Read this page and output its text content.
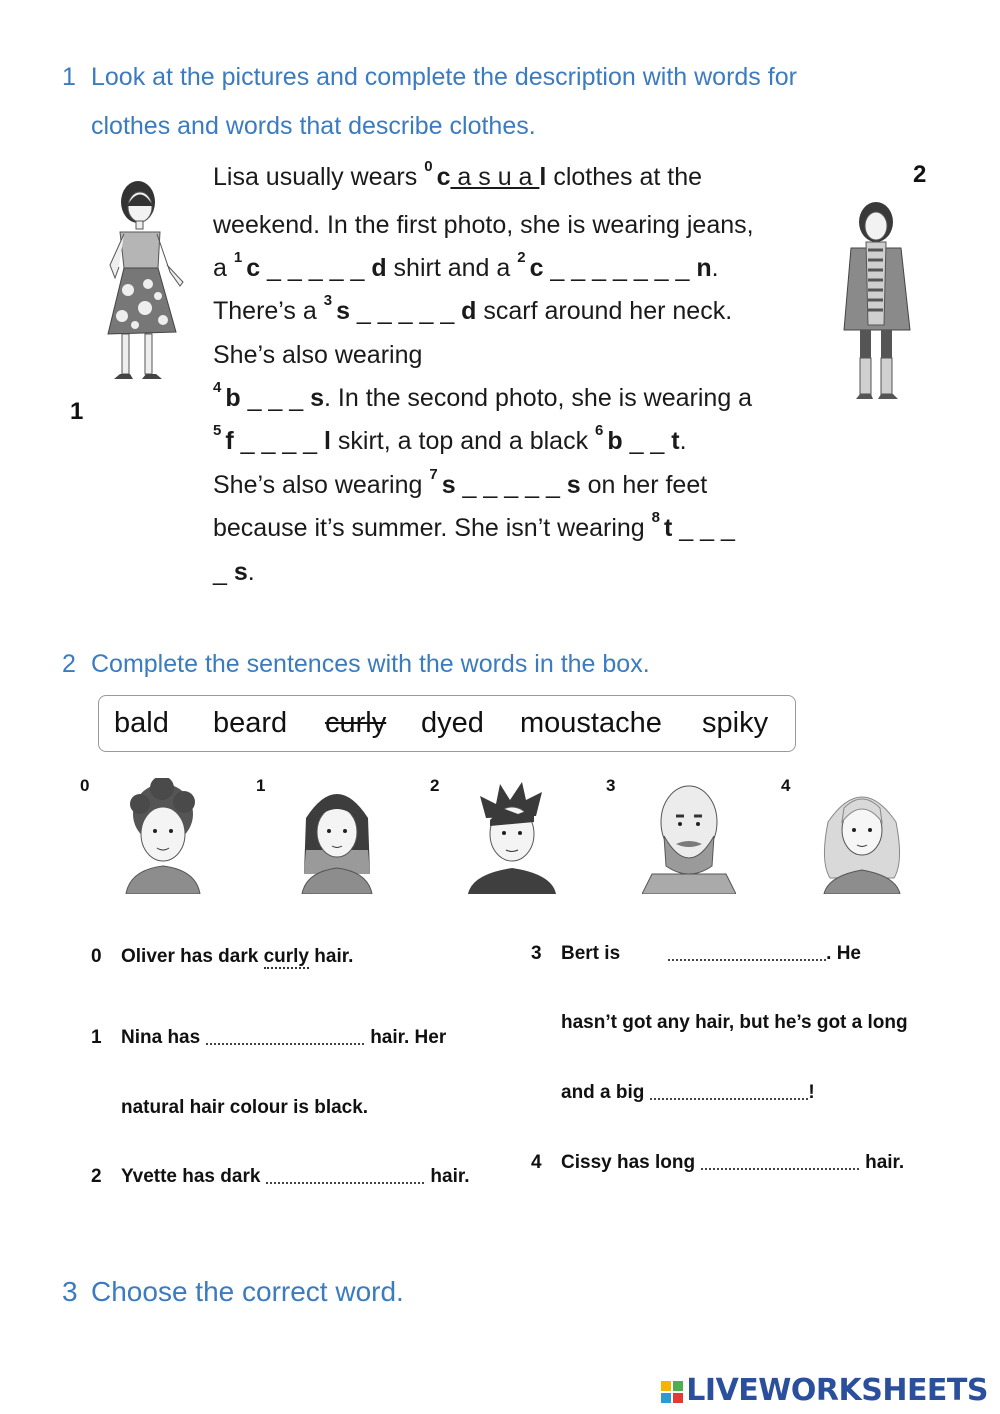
1 Look at the pictures and complete the description with words for
clothes and words that describe clothes.
1
2
Lisa usually wears $^0$ c a s u a l clothes at the
weekend. In the first photo, she is wearing jeans,
a $^1$ c _ _ _ _ _ d shirt and a $^2$ c _ _ _ _ _ _ _ n.
There’s a $^3$ s _ _ _ _ _ d scarf around her neck.
She’s also wearing
$^4$ b _ _ _ s. In the second photo, she is wearing a
$^5$ f _ _ _ _ l skirt, a top and a black $^6$ b _ _ t.
She’s also wearing $^7$ s _ _ _ _ _ s on her feet
because it’s summer. She isn’t wearing $^8$ t _ _ _
_ s.
2 Complete the sentences with the words in the box.
bald beard curly dyed moustache spiky
0	1	2	3	4
0 Oliver has dark curly hair.
1 Nina has	hair. Her
natural hair colour is black.
2 Yvette has dark	hair.
3 Bert is	. He
hasn’t got any hair, but he’s got a long
and a big	!
4 Cissy has long	hair.
3 Choose the correct word.

LIVEWORKSHEETS
